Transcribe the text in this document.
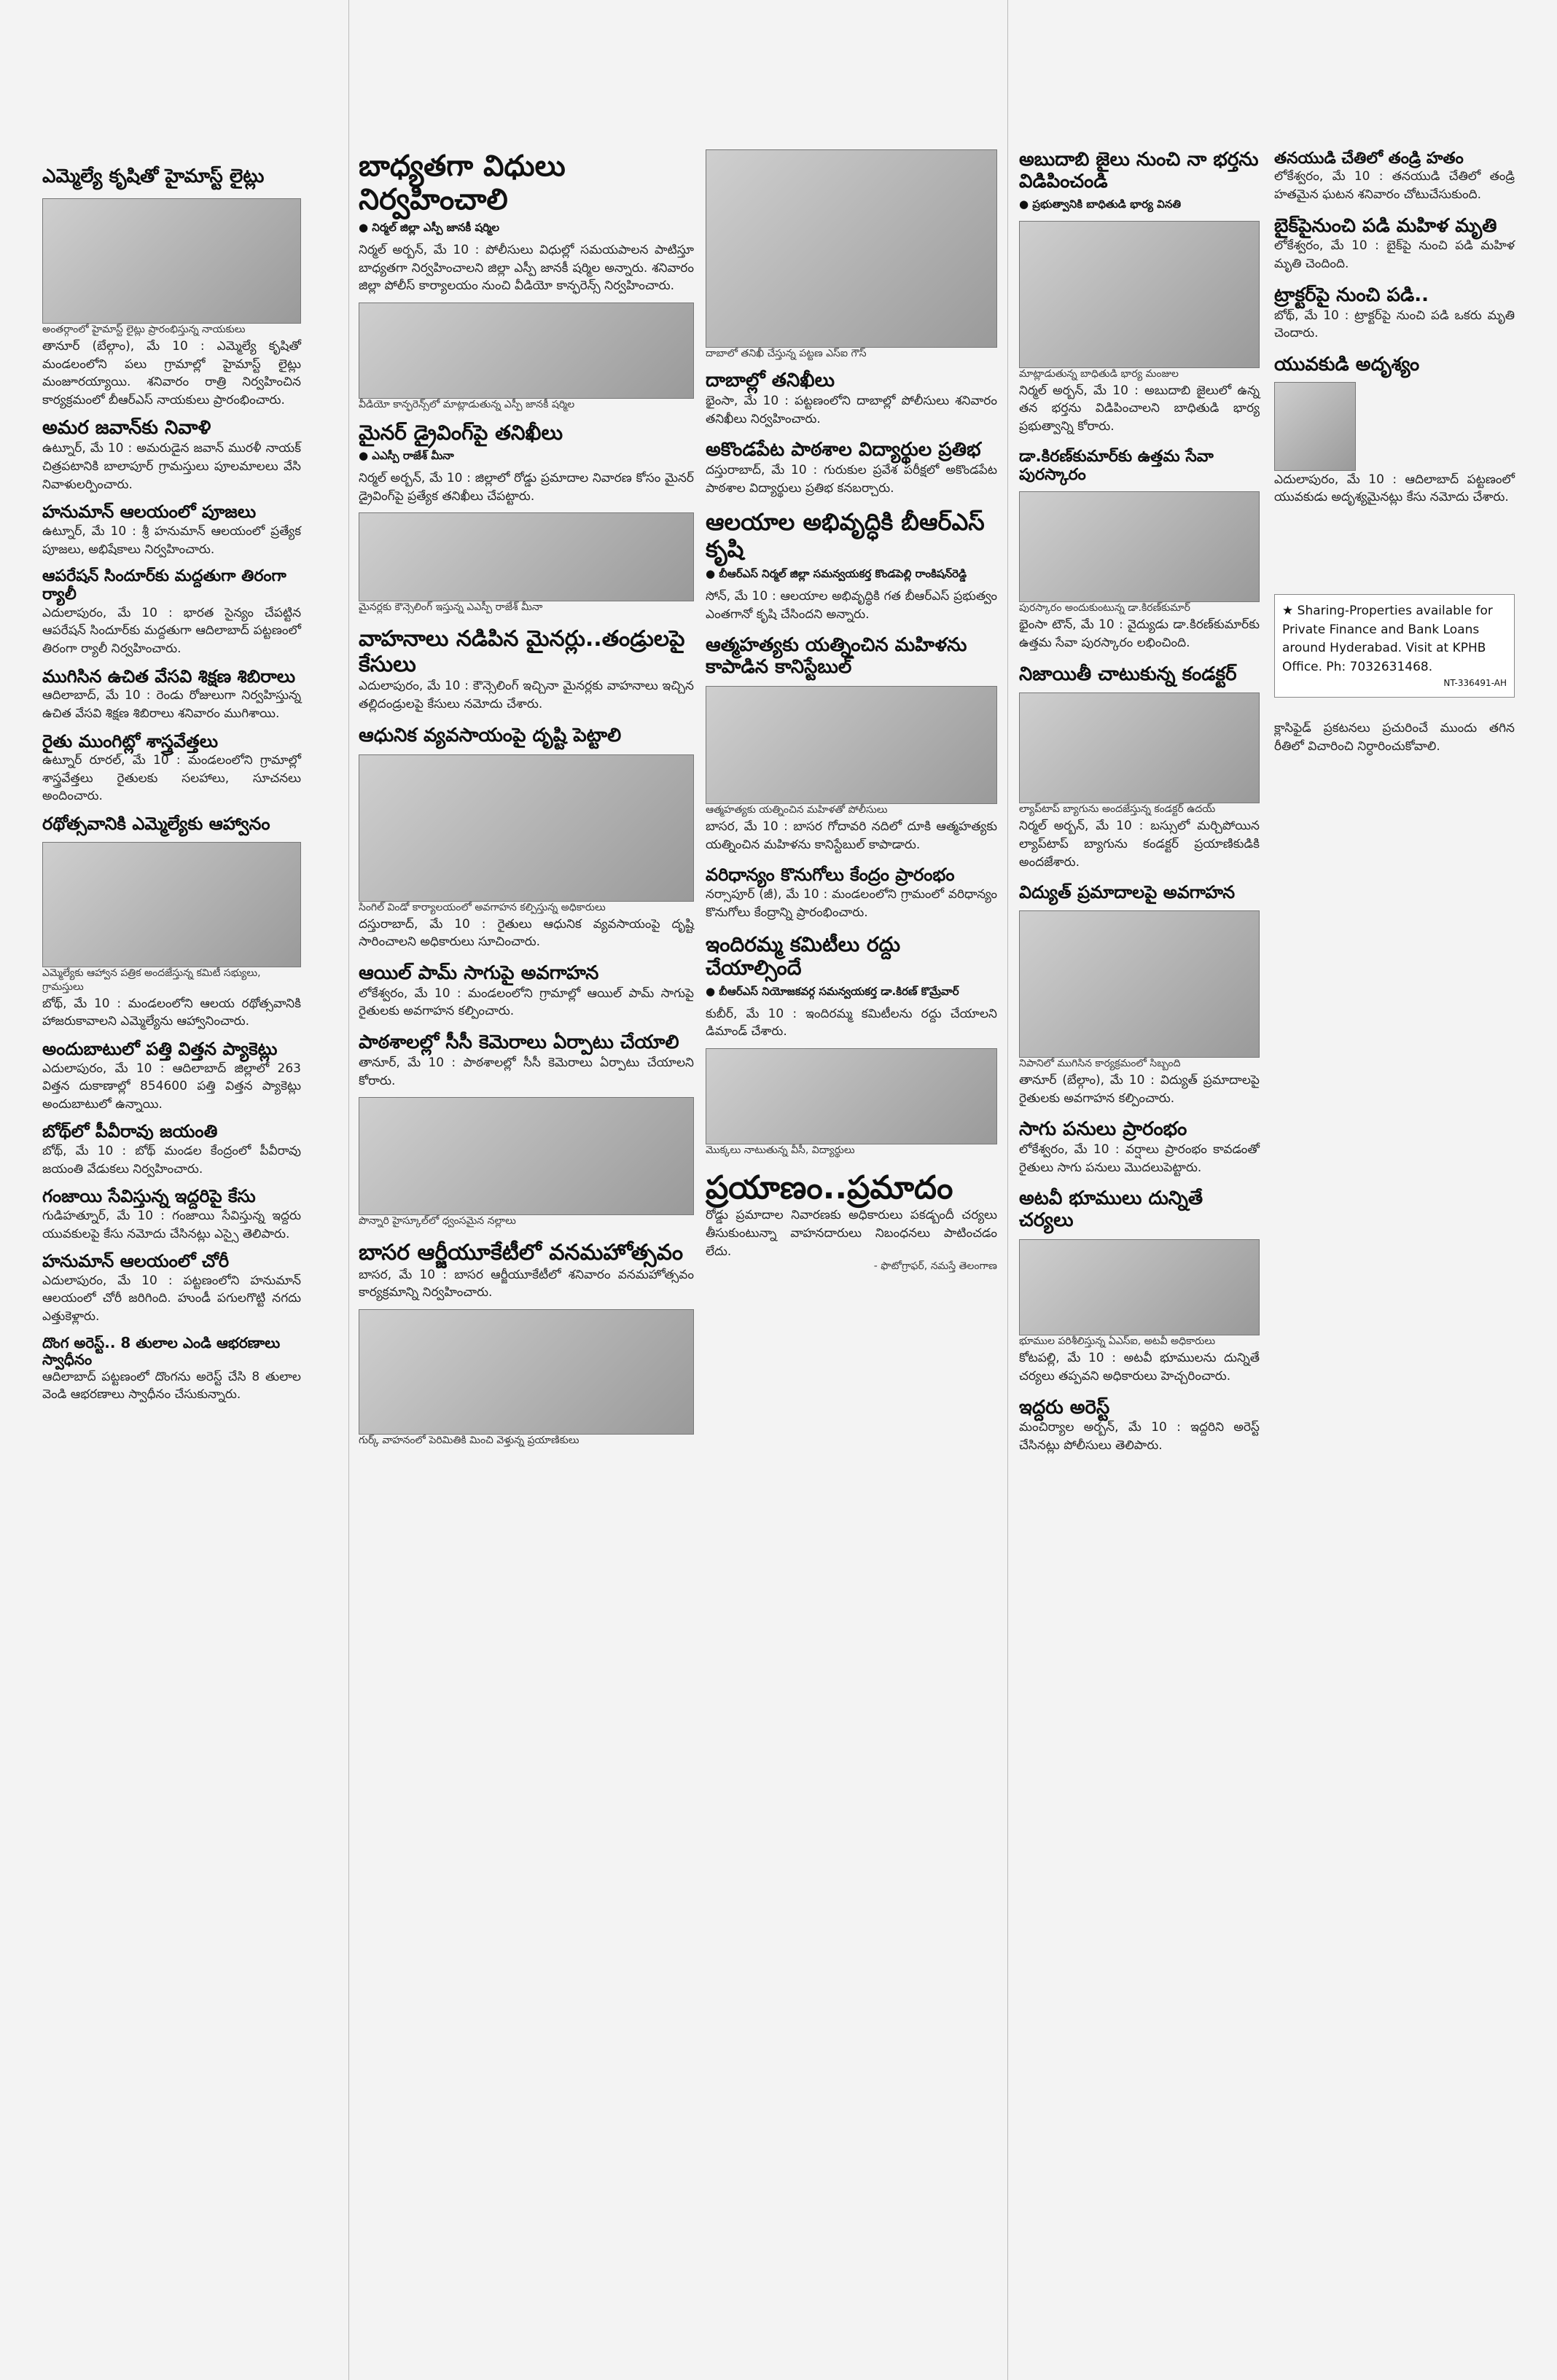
ఎమ్మెల్యే కృషితో హైమాస్ట్ లైట్లు
అంతర్గాంలో హైమాస్ట్ లైట్లు ప్రారంభిస్తున్న నాయకులు
తానూర్ (బేల్గాం), మే 10 : ఎమ్మెల్యే కృషితో మండలంలోని పలు గ్రామాల్లో హైమాస్ట్ లైట్లు మంజూరయ్యాయి. శనివారం రాత్రి నిర్వహించిన కార్యక్రమంలో బీఆర్ఎస్ నాయకులు ప్రారంభించారు.
అమర జవాన్‌కు నివాళి
ఉట్నూర్, మే 10 : అమరుడైన జవాన్ మురళీ నాయక్ చిత్రపటానికి బాలాపూర్ గ్రామస్తులు పూలమాలలు వేసి నివాళులర్పించారు.
హనుమాన్ ఆలయంలో పూజలు
ఉట్నూర్, మే 10 : శ్రీ హనుమాన్ ఆలయంలో ప్రత్యేక పూజలు, అభిషేకాలు నిర్వహించారు.
ఆపరేషన్ సిందూర్‌కు మద్దతుగా తిరంగా ర్యాలీ
ఎదులాపురం, మే 10 : భారత సైన్యం చేపట్టిన ఆపరేషన్ సిందూర్‌కు మద్దతుగా ఆదిలాబాద్ పట్టణంలో తిరంగా ర్యాలీ నిర్వహించారు.
ముగిసిన ఉచిత వేసవి శిక్షణ శిబిరాలు
ఆదిలాబాద్, మే 10 : రెండు రోజులుగా నిర్వహిస్తున్న ఉచిత వేసవి శిక్షణ శిబిరాలు శనివారం ముగిశాయి.
రైతు ముంగిట్లో శాస్త్రవేత్తలు
ఉట్నూర్ రూరల్, మే 10 : మండలంలోని గ్రామాల్లో శాస్త్రవేత్తలు రైతులకు సలహాలు, సూచనలు అందించారు.
రథోత్సవానికి ఎమ్మెల్యేకు ఆహ్వానం
ఎమ్మెల్యేకు ఆహ్వాన పత్రిక అందజేస్తున్న కమిటీ సభ్యులు, గ్రామస్తులు
బోథ్, మే 10 : మండలంలోని ఆలయ రథోత్సవానికి హాజరుకావాలని ఎమ్మెల్యేను ఆహ్వానించారు.
అందుబాటులో పత్తి విత్తన ప్యాకెట్లు
ఎదులాపురం, మే 10 : ఆదిలాబాద్ జిల్లాలో 263 విత్తన దుకాణాల్లో 854600 పత్తి విత్తన ప్యాకెట్లు అందుబాటులో ఉన్నాయి.
బోథ్‌లో పీవీరావు జయంతి
బోథ్, మే 10 : బోథ్ మండల కేంద్రంలో పీవీరావు జయంతి వేడుకలు నిర్వహించారు.
గంజాయి సేవిస్తున్న ఇద్దరిపై కేసు
గుడిహత్నూర్, మే 10 : గంజాయి సేవిస్తున్న ఇద్దరు యువకులపై కేసు నమోదు చేసినట్లు ఎస్సై తెలిపారు.
హనుమాన్ ఆలయంలో చోరీ
ఎదులాపురం, మే 10 : పట్టణంలోని హనుమాన్ ఆలయంలో చోరీ జరిగింది. హుండీ పగులగొట్టి నగదు ఎత్తుకెళ్లారు.
దొంగ అరెస్ట్.. 8 తులాల ఎండి ఆభరణాలు స్వాధీనం
ఆదిలాబాద్ పట్టణంలో దొంగను అరెస్ట్ చేసి 8 తులాల వెండి ఆభరణాలు స్వాధీనం చేసుకున్నారు.
బాధ్యతగా విధులు నిర్వహించాలి
● నిర్మల్ జిల్లా ఎస్పీ జానకీ షర్మిల
నిర్మల్ అర్బన్, మే 10 : పోలీసులు విధుల్లో సమయపాలన పాటిస్తూ బాధ్యతగా నిర్వహించాలని జిల్లా ఎస్పీ జానకీ షర్మిల అన్నారు. శనివారం జిల్లా పోలీస్ కార్యాలయం నుంచి వీడియో కాన్ఫరెన్స్ నిర్వహించారు.
వీడియో కాన్ఫరెన్స్‌లో మాట్లాడుతున్న ఎస్పీ జానకీ షర్మిల
మైనర్ డ్రైవింగ్‌పై తనిఖీలు
● ఎఎస్పీ రాజేశ్ మీనా
నిర్మల్ అర్బన్, మే 10 : జిల్లాలో రోడ్డు ప్రమాదాల నివారణ కోసం మైనర్ డ్రైవింగ్‌పై ప్రత్యేక తనిఖీలు చేపట్టారు.
మైనర్ల‌కు కౌన్సెలింగ్ ఇస్తున్న ఎఎస్పీ రాజేశ్ మీనా
వాహనాలు నడిపిన మైనర్లు..తండ్రులపై కేసులు
ఎదులాపురం, మే 10 : కౌన్సెలింగ్ ఇచ్చినా మైనర్లకు వాహనాలు ఇచ్చిన తల్లిదండ్రులపై కేసులు నమోదు చేశారు.
ఆధునిక వ్యవసాయంపై దృష్టి పెట్టాలి
సింగిల్ విండో కార్యాలయంలో అవగాహన కల్పిస్తున్న అధికారులు
దస్తురాబాద్, మే 10 : రైతులు ఆధునిక వ్యవసాయంపై దృష్టి సారించాలని అధికారులు సూచించారు.
ఆయిల్ పామ్ సాగుపై అవగాహన
లోకేశ్వరం, మే 10 : మండలంలోని గ్రామాల్లో ఆయిల్ పామ్ సాగుపై రైతులకు అవగాహన కల్పించారు.
పాఠశాలల్లో సీసీ కెమెరాలు ఏర్పాటు చేయాలి
తానూర్, మే 10 : పాఠశాలల్లో సీసీ కెమెరాలు ఏర్పాటు చేయాలని కోరారు.
పొన్నారి హైస్కూల్‌లో ధ్వంసమైన నల్లాలు
బాసర ఆర్జీయూకేటీలో వనమహోత్సవం
బాసర, మే 10 : బాసర ఆర్జీయూకేటీలో శనివారం వనమహోత్సవం కార్యక్రమాన్ని నిర్వహించారు.
గుర్క్ వాహనంలో పెరిమితికి మించి వెళ్తున్న ప్రయాణికులు
దాబాలో తనిఖీ చేస్తున్న పట్టణ ఎస్ఐ గౌస్
దాబాల్లో తనిఖీలు
భైంసా, మే 10 : పట్టణంలోని దాబాల్లో పోలీసులు శనివారం తనిఖీలు నిర్వహించారు.
అకొండపేట పాఠశాల విద్యార్థుల ప్రతిభ
దస్తురాబాద్, మే 10 : గురుకుల ప్రవేశ పరీక్షలో అకొండపేట పాఠశాల విద్యార్థులు ప్రతిభ కనబర్చారు.
ఆలయాల అభివృద్ధికి బీఆర్ఎస్ కృషి
● బీఆర్ఎస్ నిర్మల్ జిల్లా సమన్వయకర్త కొండపెల్లి రాంకిషన్‌రెడ్డి
సోన్, మే 10 : ఆలయాల అభివృద్ధికి గత బీఆర్ఎస్ ప్రభుత్వం ఎంతగానో కృషి చేసిందని అన్నారు.
ఆత్మహత్యకు యత్నించిన మహిళను కాపాడిన కానిస్టేబుల్
ఆత్మహత్యకు యత్నించిన మహిళతో పోలీసులు
బాసర, మే 10 : బాసర గోదావరి నదిలో దూకి ఆత్మహత్యకు యత్నించిన మహిళను కానిస్టేబుల్ కాపాడారు.
వరిధాన్యం కొనుగోలు కేంద్రం ప్రారంభం
నర్సాపూర్ (జీ), మే 10 : మండలంలోని గ్రామంలో వరిధాన్యం కొనుగోలు కేంద్రాన్ని ప్రారంభించారు.
ఇందిరమ్మ కమిటీలు రద్దు చేయాల్సిందే
● బీఆర్ఎస్ నియోజకవర్గ సమన్వయకర్త డా.కిరణ్ కొమ్రేవార్
కుబీర్, మే 10 : ఇందిరమ్మ కమిటీలను రద్దు చేయాలని డిమాండ్ చేశారు.
మొక్కలు నాటుతున్న వీసీ, విద్యార్థులు
ప్రయాణం..ప్రమాదం
రోడ్డు ప్రమాదాల నివారణకు అధికారులు పకడ్బందీ చర్యలు తీసుకుంటున్నా వాహనదారులు నిబంధనలు పాటించడం లేదు.
- ఫొటోగ్రాఫర్, నమస్తే తెలంగాణ
అబుదాబి జైలు నుంచి నా భర్తను విడిపించండి
● ప్రభుత్వానికి బాధితుడి భార్య వినతి
మాట్లాడుతున్న బాధితుడి భార్య మంజుల
నిర్మల్ అర్బన్, మే 10 : అబుదాబి జైలులో ఉన్న తన భర్తను విడిపించాలని బాధితుడి భార్య ప్రభుత్వాన్ని కోరారు.
డా.కిరణ్‌కుమార్‌కు ఉత్తమ సేవా పురస్కారం
పురస్కారం అందుకుంటున్న డా.కిరణ్‌కుమార్
భైంసా టౌన్, మే 10 : వైద్యుడు డా.కిరణ్‌కుమార్‌కు ఉత్తమ సేవా పురస్కారం లభించింది.
నిజాయితీ చాటుకున్న కండక్టర్
ల్యాప్‌టాప్ బ్యాగును అందజేస్తున్న కండక్టర్ ఉదయ్
నిర్మల్ అర్బన్, మే 10 : బస్సులో మర్చిపోయిన ల్యాప్‌టాప్ బ్యాగును కండక్టర్ ప్రయాణికుడికి అందజేశారు.
విద్యుత్ ప్రమాదాలపై అవగాహన
నిపానిలో ముగిసిన కార్యక్రమంలో సిబ్బంది
తానూర్ (బేల్గాం), మే 10 : విద్యుత్ ప్రమాదాలపై రైతులకు అవగాహన కల్పించారు.
సాగు పనులు ప్రారంభం
లోకేశ్వరం, మే 10 : వర్షాలు ప్రారంభం కావడంతో రైతులు సాగు పనులు మొదలుపెట్టారు.
అటవీ భూములు దున్నితే చర్యలు
భూముల పరిశీలిస్తున్న ఏఎస్ఐ, అటవీ అధికారులు
కోటపల్లి, మే 10 : అటవీ భూములను దున్నితే చర్యలు తప్పవని అధికారులు హెచ్చరించారు.
ఇద్దరు అరెస్ట్
మంచిర్యాల అర్బన్, మే 10 : ఇద్దరిని అరెస్ట్ చేసినట్లు పోలీసులు తెలిపారు.
తనయుడి చేతిలో తండ్రి హతం
లోకేశ్వరం, మే 10 : తనయుడి చేతిలో తండ్రి హతమైన ఘటన శనివారం చోటుచేసుకుంది.
బైక్‌పైనుంచి పడి మహిళ మృతి
లోకేశ్వరం, మే 10 : బైక్‌పై నుంచి పడి మహిళ మృతి చెందింది.
ట్రాక్టర్‌పై నుంచి పడి..
బోథ్, మే 10 : ట్రాక్టర్‌పై నుంచి పడి ఒకరు మృతి చెందారు.
యువకుడి అదృశ్యం
ఎదులాపురం, మే 10 : ఆదిలాబాద్ పట్టణంలో యువకుడు అదృశ్యమైనట్లు కేసు నమోదు చేశారు.
★ Sharing-Properties available for Private Finance and Bank Loans around Hyderabad. Visit at KPHB Office. Ph: 7032631468.
NT-336491-AH
క్లాసిఫైడ్ ప్రకటనలు ప్రచురించే ముందు తగిన రీతిలో విచారించి నిర్ధారించుకోవాలి.
